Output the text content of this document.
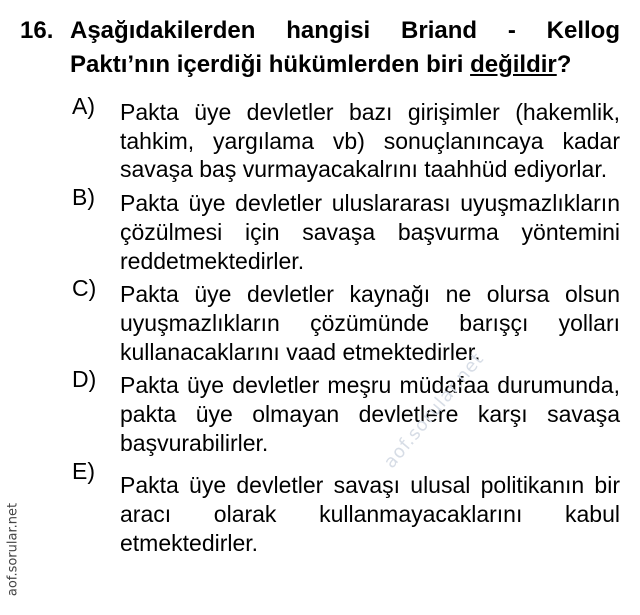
16. Aşağıdakilerden hangisi Briand - Kellog Paktı’nın içerdiği hükümlerden biri değildir?
A)	Pakta üye devletler bazı girişimler (hakemlik, tahkim, yargılama vb) sonuçlanıncaya kadar savaşa baş vurmayacakalrını taahhüd ediyorlar.
B)	Pakta üye devletler uluslararası uyuşmazlıkların çözülmesi için savaşa başvurma yöntemini reddetmektedirler.
C)	Pakta üye devletler kaynağı ne olursa olsun uyuşmazlıkların çözümünde barışçı yolları kullanacaklarını vaad etmektedirler.
D)	Pakta üye devletler meşru müdafaa durumunda, pakta üye olmayan devletlere karşı savaşa başvurabilirler.
E)
Pakta üye devletler savaşı ulusal politikanın bir aracı olarak kullanmayacaklarını kabul etmektedirler.
aof.sorular.net
aof.sorular.net
